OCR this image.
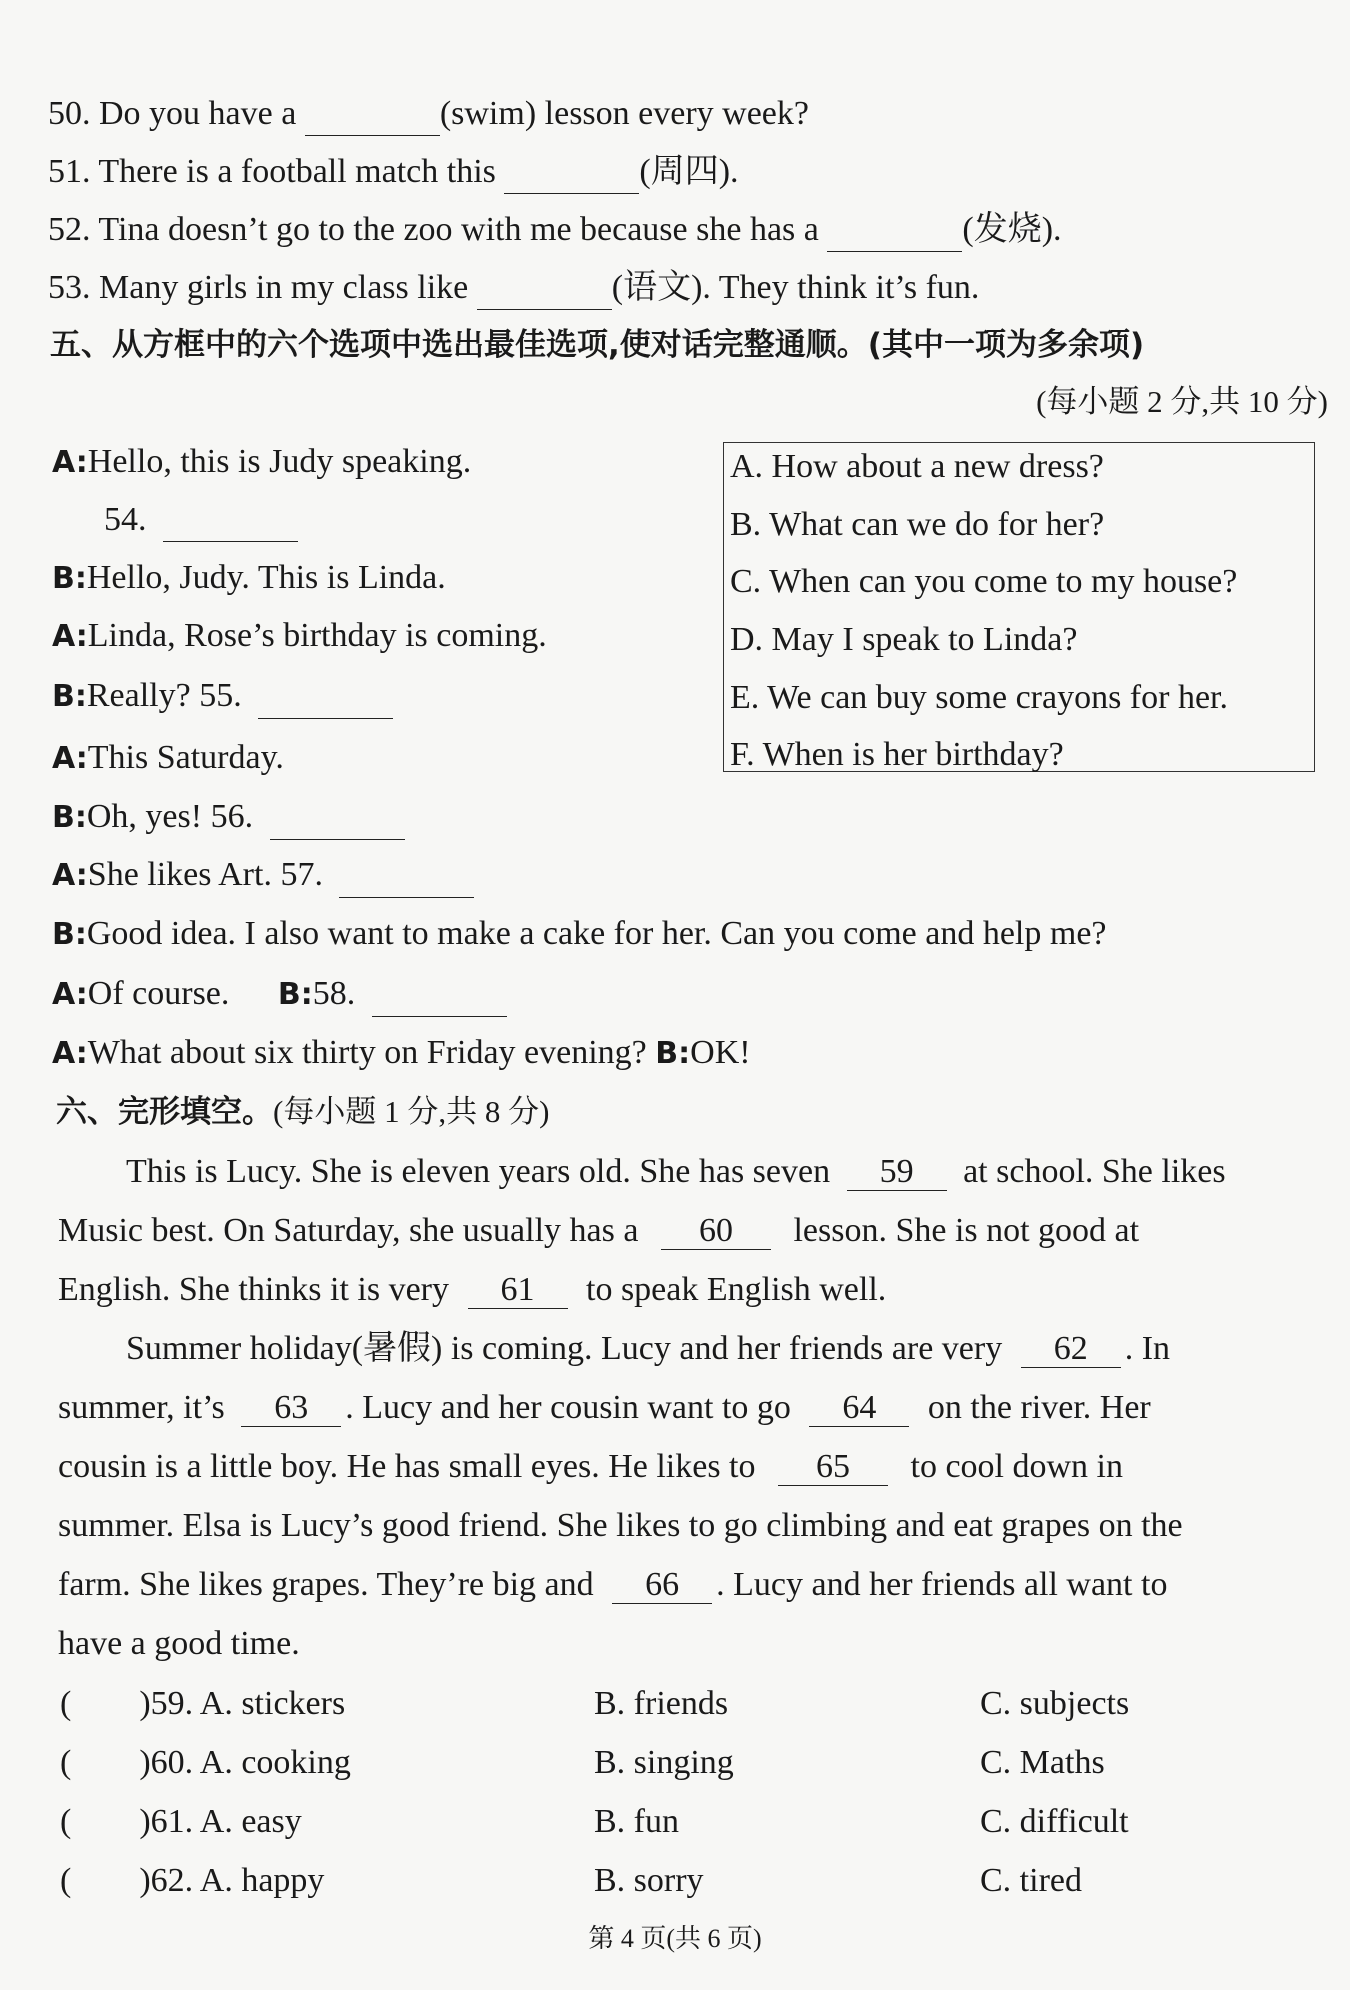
50. Do you have a	(swim) lesson every week?
51. There is a football match this	(周四).
52. Tina doesn’t go to the zoo with me because she has a	(发烧).
53. Many girls in my class like	(语文). They think it’s fun.
五、从方框中的六个选项中选出最佳选项,使对话完整通顺。(其中一项为多余项)
(每小题 2 分,共 10 分)
A:Hello, this is Judy speaking.
54.
B:Hello, Judy. This is Linda.
A:Linda, Rose’s birthday is coming.
B:Really? 55.
A:This Saturday.
B:Oh, yes! 56.
A:She likes Art. 57.
B:Good idea. I also want to make a cake for her. Can you come and help me?
A:Of course. B:58.
A:What about six thirty on Friday evening? B:OK!
A. How about a new dress?
B. What can we do for her?
C. When can you come to my house?
D. May I speak to Linda?
E. We can buy some crayons for her.
F. When is her birthday?
六、完形填空。(每小题 1 分,共 8 分)
This is Lucy. She is eleven years old. She has seven 59 at school. She likes
Music best. On Saturday, she usually has a 60 lesson. She is not good at
English. She thinks it is very 61 to speak English well.
Summer holiday(暑假) is coming. Lucy and her friends are very 62 . In
summer, it’s 63 . Lucy and her cousin want to go 64 on the river. Her
cousin is a little boy. He has small eyes. He likes to 65 to cool down in
summer. Elsa is Lucy’s good friend. She likes to go climbing and eat grapes on the
farm. She likes grapes. They’re big and 66 . Lucy and her friends all want to
have a good time.
(　　)59. A. stickers	B. friends	C. subjects
(　　)60. A. cooking	B. singing	C. Maths
(　　)61. A. easy	B. fun	C. difficult
(　　)62. A. happy	B. sorry	C. tired
第 4 页(共 6 页)
